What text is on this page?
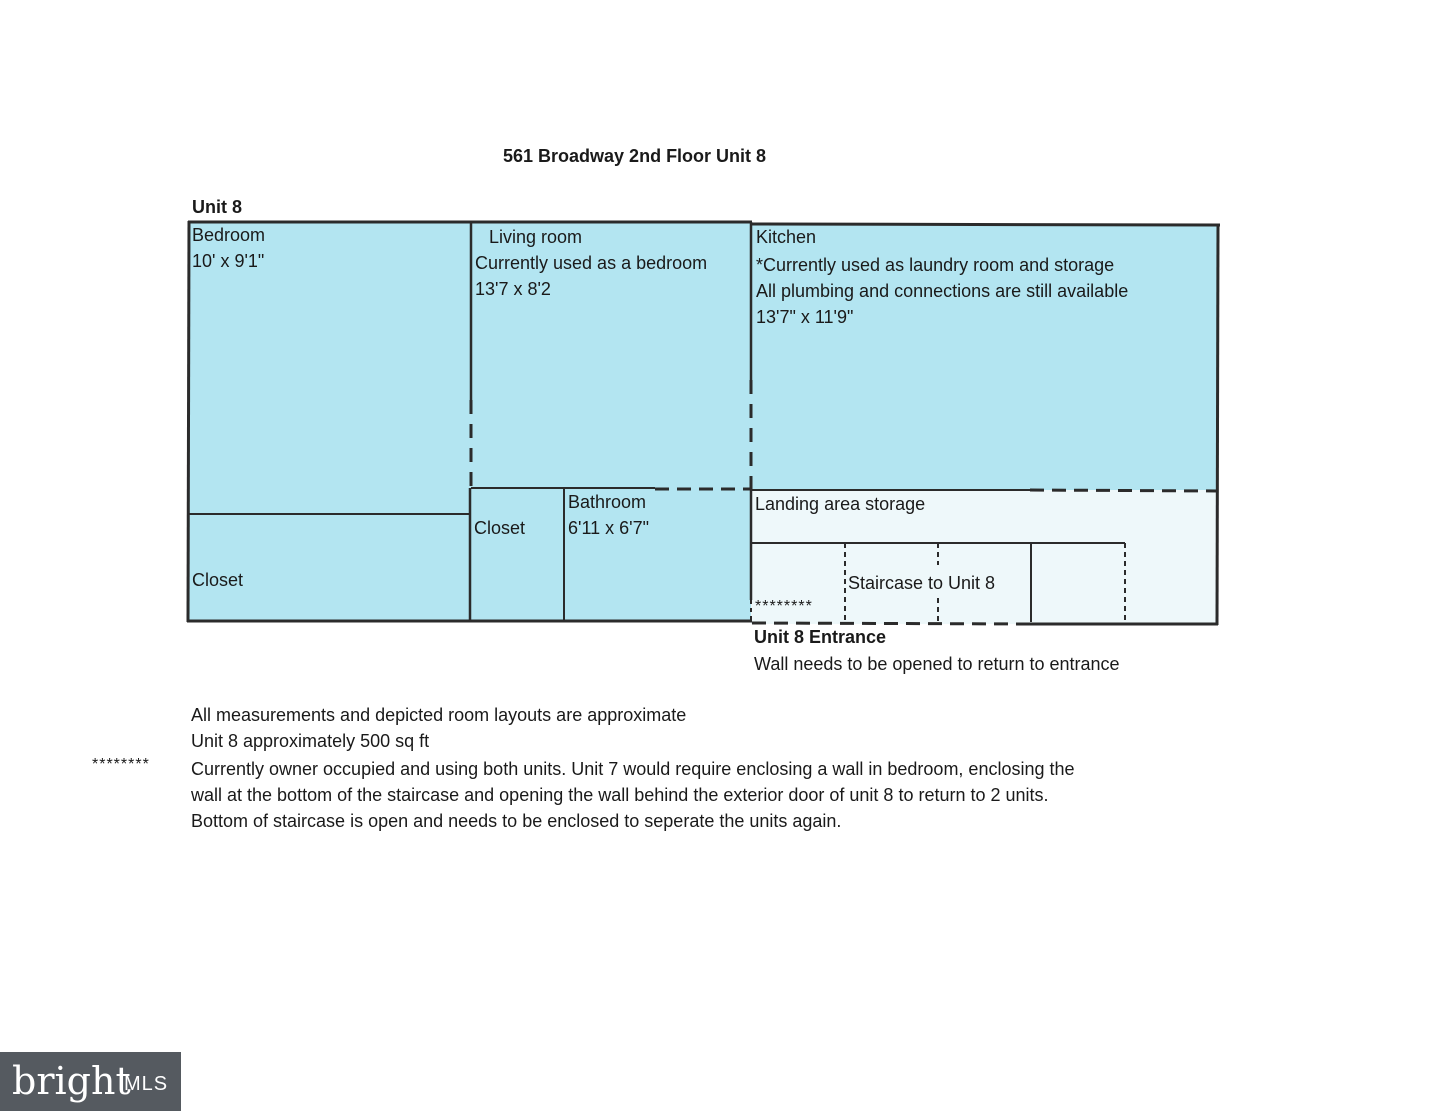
561 Broadway 2nd Floor Unit 8
Unit 8
Bedroom
10' x 9'1"
Living room
Currently used as a bedroom
13'7 x 8'2
Kitchen
*Currently used as laundry room and storage
All plumbing and connections are still available
13'7" x 11'9"
Closet
Closet
Bathroom
6'11 x 6'7"
Landing area storage
Staircase to Unit 8
********
Unit 8 Entrance
Wall needs to be opened to return to entrance
All measurements and depicted room layouts are approximate
Unit 8 approximately 500 sq ft
******** Currently owner occupied and using both units. Unit 7 would require enclosing a wall in bedroom, enclosing the
wall at the bottom of the staircase and opening the wall behind the exterior door of unit 8 to return to 2 units.
Bottom of staircase is open and needs to be enclosed to seperate the units again.
bright
MLS
